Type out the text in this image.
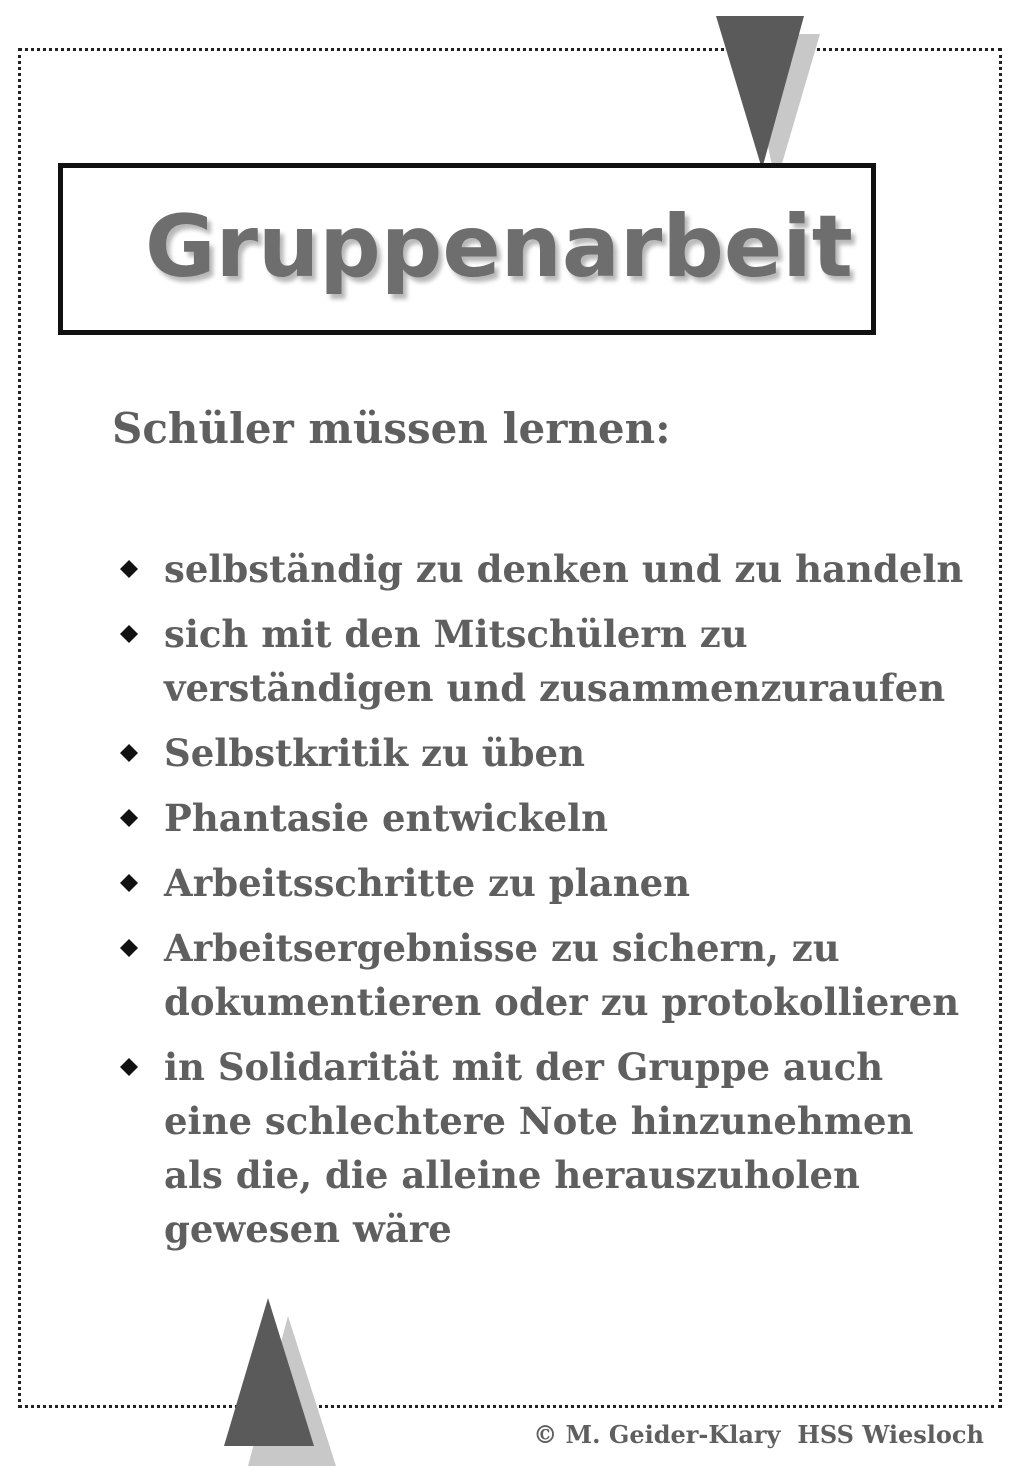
Gruppenarbeit
Schüler müssen lernen:
selbständig zu denken und zu handeln
sich mit den Mitschülern zu verständigen und zusammenzuraufen
Selbstkritik zu üben
Phantasie entwickeln
Arbeitsschritte zu planen
Arbeitsergebnisse zu sichern, zu dokumentieren oder zu protokollieren
in Solidarität mit der Gruppe auch eine schlechtere Note hinzunehmen als die, die alleine herauszuholen gewesen wäre

© M. Geider-Klary  HSS Wiesloch
